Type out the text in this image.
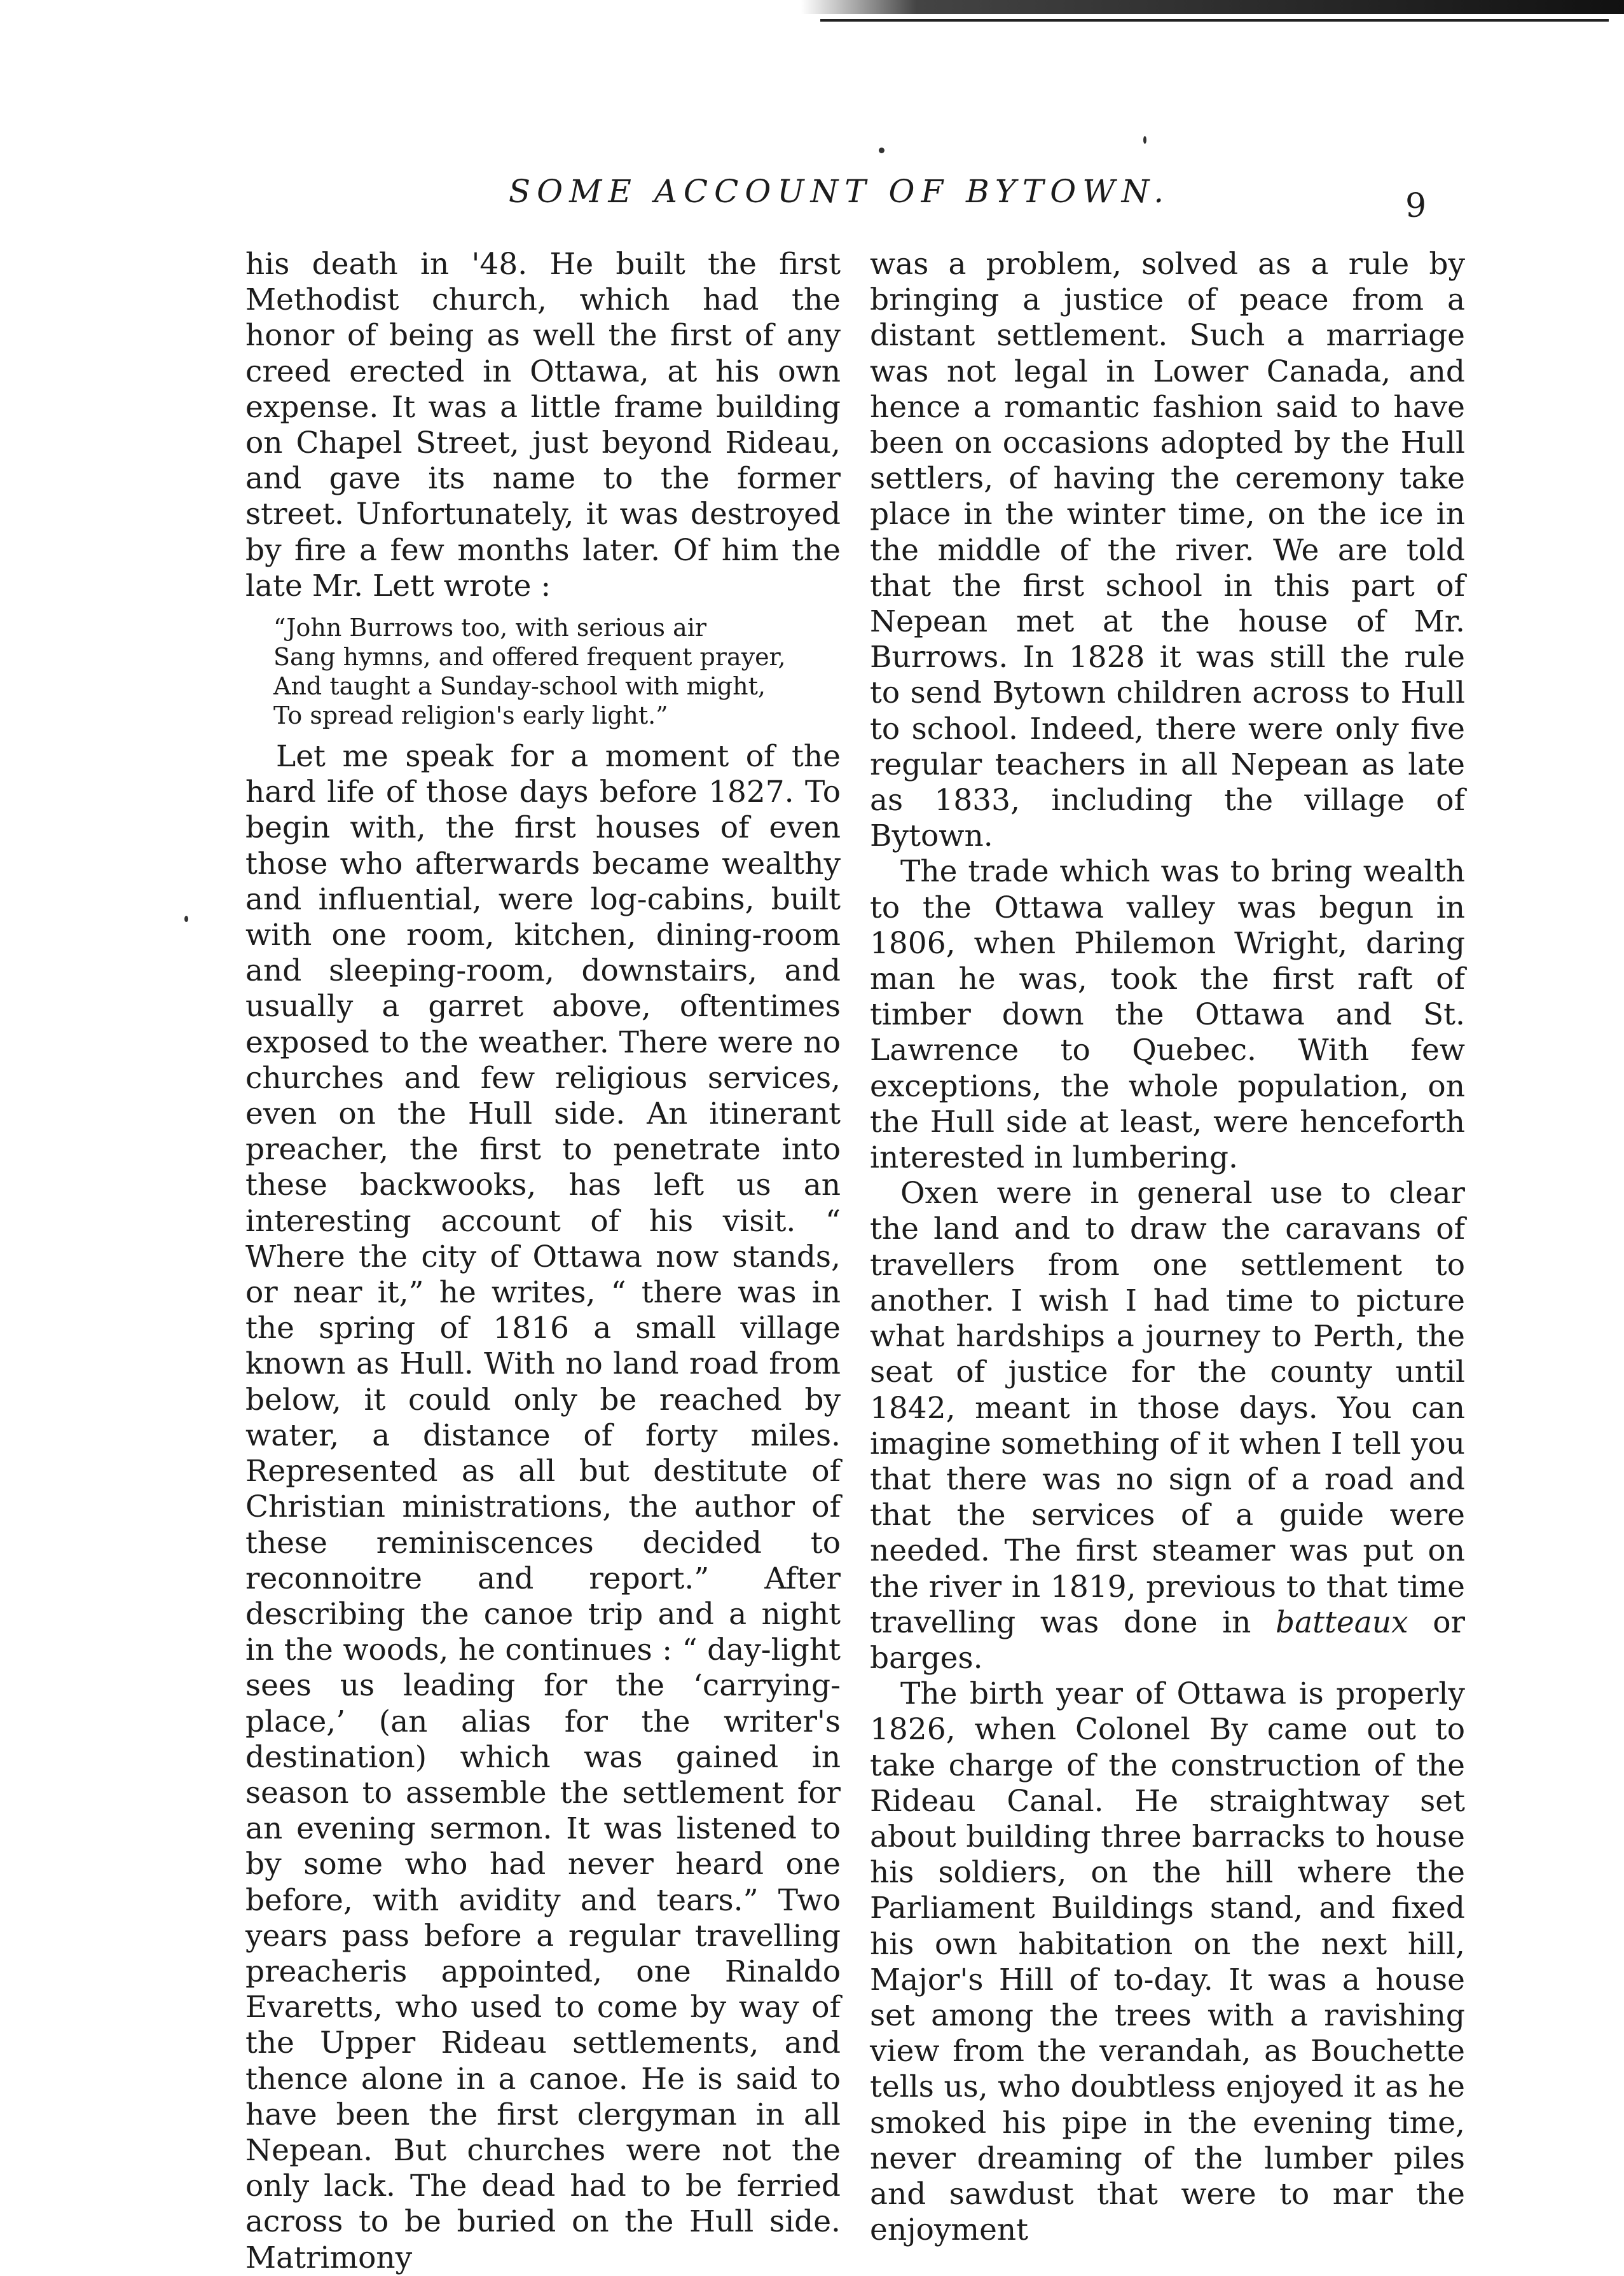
SOME ACCOUNT OF BYTOWN.	9

his death in '48. He built the first Methodist church, which had the honor of being as well the first of any creed erected in Ottawa, at his own expense. It was a little frame building on Chapel Street, just beyond Rideau, and gave its name to the former street. Unfortunately, it was destroyed by fire a few months later. Of him the late Mr. Lett wrote :

“John Burrows too, with serious air
Sang hymns, and offered frequent prayer,
And taught a Sunday-school with might,
To spread religion's early light.”

Let me speak for a moment of the hard life of those days before 1827. To begin with, the first houses of even those who afterwards became wealthy and influential, were log-cabins, built with one room, kitchen, dining-room and sleeping-room, downstairs, and usually a garret above, oftentimes exposed to the weather. There were no churches and few religious services, even on the Hull side. An itinerant preacher, the first to penetrate into these backwooks, has left us an interesting account of his visit. “ Where the city of Ottawa now stands, or near it,” he writes, “ there was in the spring of 1816 a small village known as Hull. With no land road from below, it could only be reached by water, a distance of forty miles. Represented as all but destitute of Christian ministrations, the author of these reminiscences decided to reconnoitre and report.” After describing the canoe trip and a night in the woods, he continues : “ day-light sees us leading for the ‘carrying-place,’ (an alias for the writer's destination) which was gained in season to assemble the settlement for an evening sermon. It was listened to by some who had never heard one before, with avidity and tears.” Two years pass before a regular travelling preacheris appointed, one Rinaldo Evaretts, who used to come by way of the Upper Rideau settlements, and thence alone in a canoe. He is said to have been the first clergyman in all Nepean. But churches were not the only lack. The dead had to be ferried across to be buried on the Hull side. Matrimony

was a problem, solved as a rule by bringing a justice of peace from a distant settlement. Such a marriage was not legal in Lower Canada, and hence a romantic fashion said to have been on occasions adopted by the Hull settlers, of having the ceremony take place in the winter time, on the ice in the middle of the river. We are told that the first school in this part of Nepean met at the house of Mr. Burrows. In 1828 it was still the rule to send Bytown children across to Hull to school. Indeed, there were only five regular teachers in all Nepean as late as 1833, including the village of Bytown.

The trade which was to bring wealth to the Ottawa valley was begun in 1806, when Philemon Wright, daring man he was, took the first raft of timber down the Ottawa and St. Lawrence to Quebec. With few exceptions, the whole population, on the Hull side at least, were henceforth interested in lumbering.

Oxen were in general use to clear the land and to draw the caravans of travellers from one settlement to another. I wish I had time to picture what hardships a journey to Perth, the seat of justice for the county until 1842, meant in those days. You can imagine something of it when I tell you that there was no sign of a road and that the services of a guide were needed. The first steamer was put on the river in 1819, previous to that time travelling was done in batteaux or barges.

The birth year of Ottawa is properly 1826, when Colonel By came out to take charge of the construction of the Rideau Canal. He straightway set about building three barracks to house his soldiers, on the hill where the Parliament Buildings stand, and fixed his own habitation on the next hill, Major's Hill of to-day. It was a house set among the trees with a ravishing view from the verandah, as Bouchette tells us, who doubtless enjoyed it as he smoked his pipe in the evening time, never dreaming of the lumber piles and sawdust that were to mar the enjoyment
